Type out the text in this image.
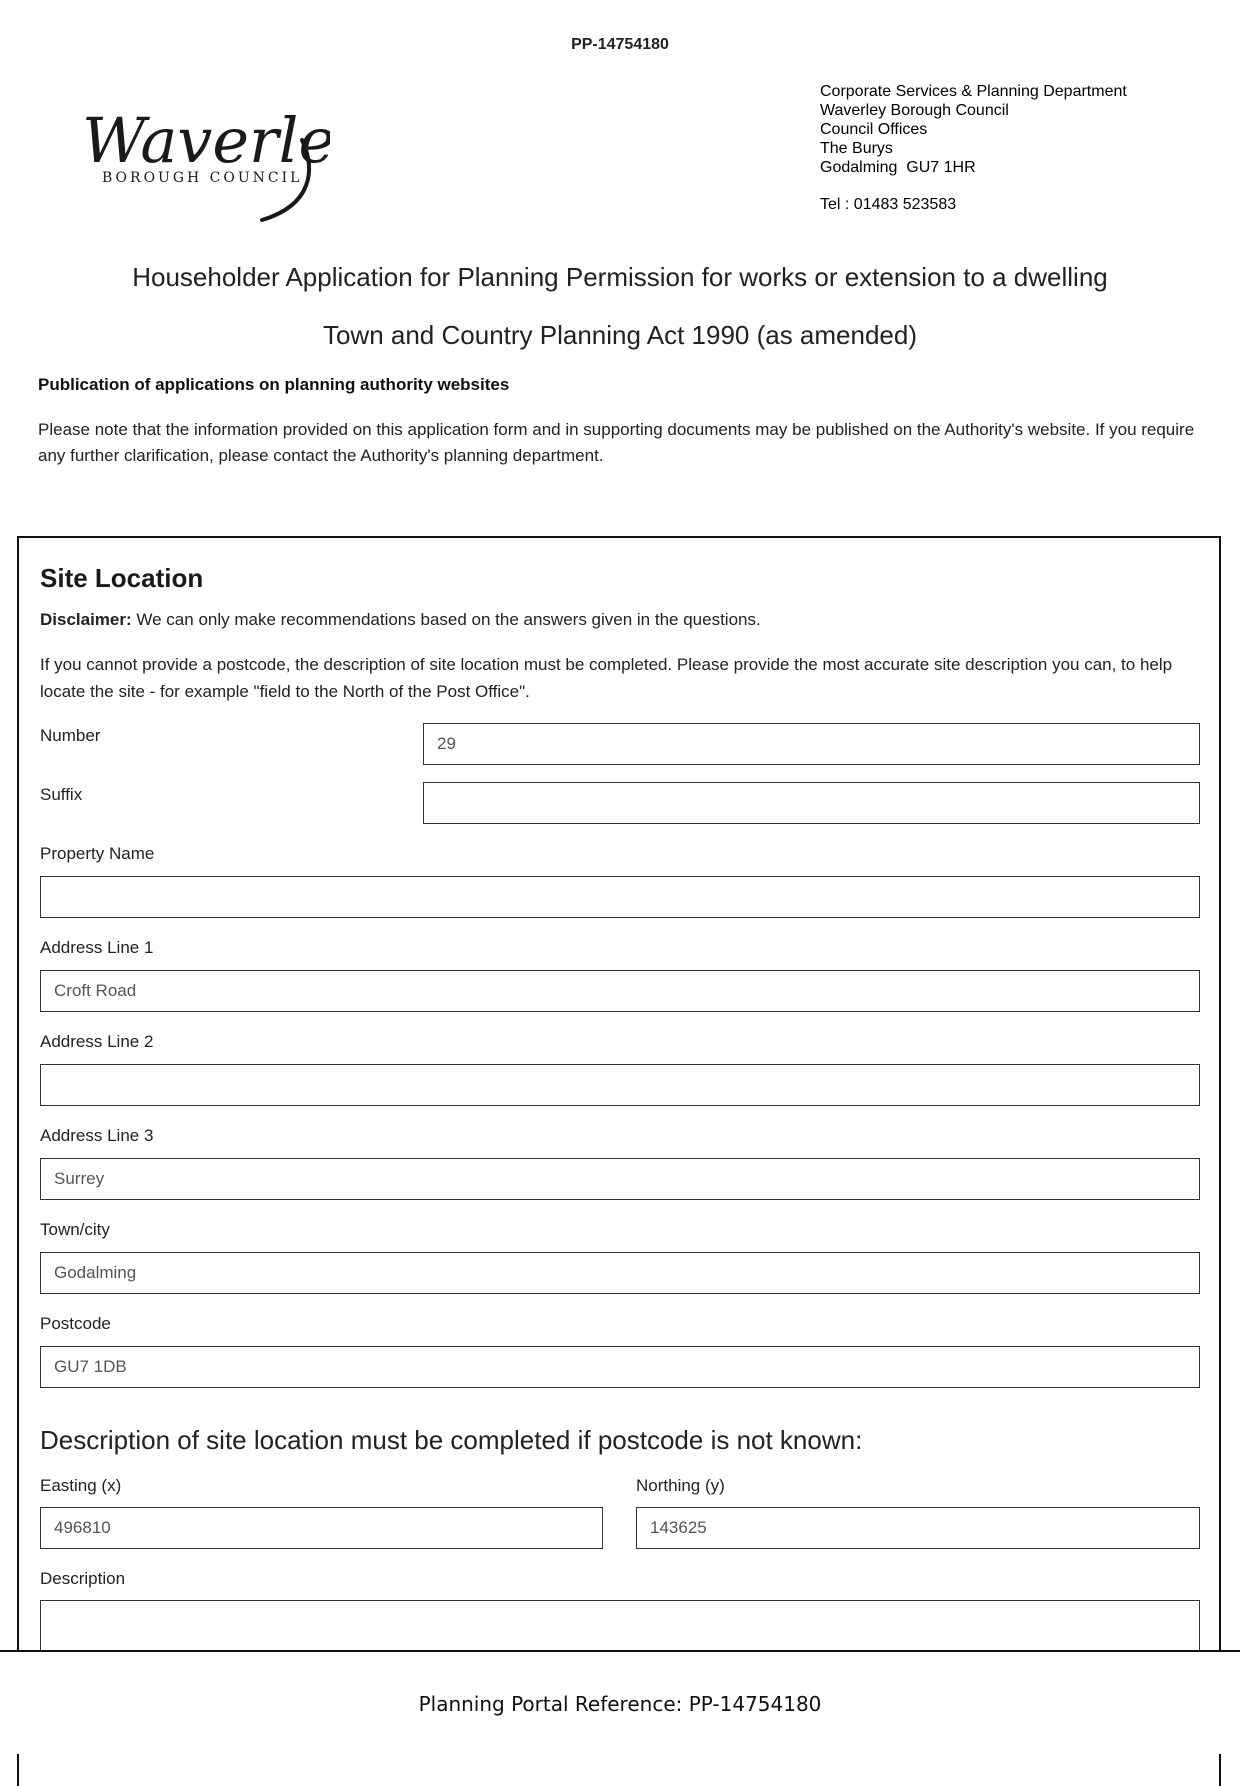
PP-14754180
Waverl
BOROUGH COUNCIL
Corporate Services & Planning Department
Waverley Borough Council
Council Offices
The Burys
Godalming  GU7 1HR
Tel : 01483 523583
Householder Application for Planning Permission for works or extension to a dwelling
Town and Country Planning Act 1990 (as amended)
Publication of applications on planning authority websites
Please note that the information provided on this application form and in supporting documents may be published on the Authority's website. If you require any further clarification, please contact the Authority's planning department.
Site Location
Disclaimer: We can only make recommendations based on the answers given in the questions.
If you cannot provide a postcode, the description of site location must be completed. Please provide the most accurate site description you can, to help locate the site - for example "field to the North of the Post Office".
Number
29
Suffix
Property Name
Address Line 1
Croft Road
Address Line 2
Address Line 3
Surrey
Town/city
Godalming
Postcode
GU7 1DB
Description of site location must be completed if postcode is not known:
Easting (x)
496810	Northing (y)
143625
Description
Planning Portal Reference: PP-14754180
